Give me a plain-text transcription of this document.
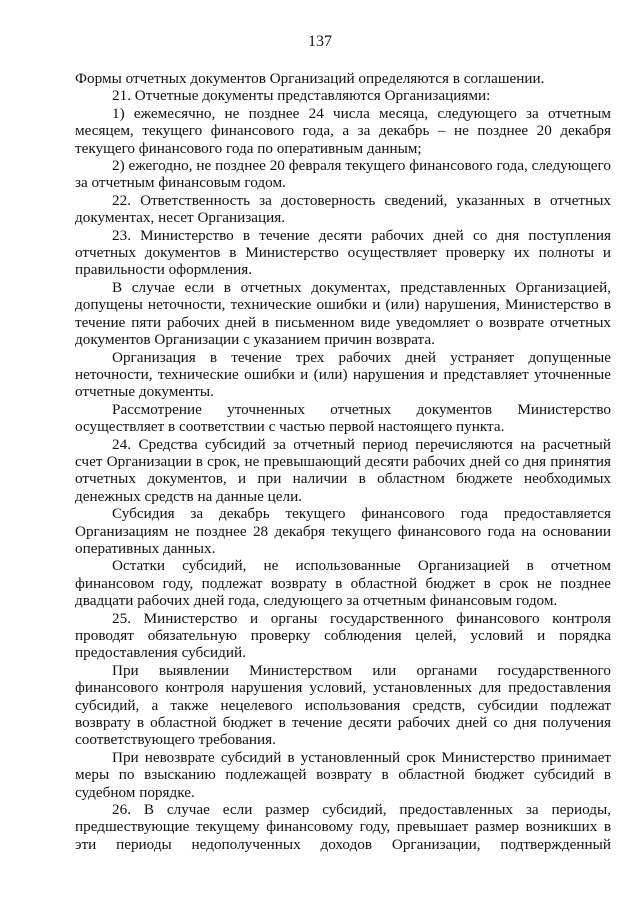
137

Формы отчетных документов Организаций определяются в соглашении.

21. Отчетные документы представляются Организациями:

1) ежемесячно, не позднее 24 числа месяца, следующего за отчетным месяцем, текущего финансового года, а за декабрь – не позднее 20 декабря текущего финансового года по оперативным данным;

2) ежегодно, не позднее 20 февраля текущего финансового года, следующего за отчетным финансовым годом.

22. Ответственность за достоверность сведений, указанных в отчетных документах, несет Организация.

23. Министерство в течение десяти рабочих дней со дня поступления отчетных документов в Министерство осуществляет проверку их полноты и правильности оформления.

В случае если в отчетных документах, представленных Организацией, допущены неточности, технические ошибки и (или) нарушения, Министерство в течение пяти рабочих дней в письменном виде уведомляет о возврате отчетных документов Организации с указанием причин возврата.

Организация в течение трех рабочих дней устраняет допущенные неточности, технические ошибки и (или) нарушения и представляет уточненные отчетные документы.

Рассмотрение уточненных отчетных документов Министерство осуществляет в соответствии с частью первой настоящего пункта.

24. Средства субсидий за отчетный период перечисляются на расчетный счет Организации в срок, не превышающий десяти рабочих дней со дня принятия отчетных документов, и при наличии в областном бюджете необходимых денежных средств на данные цели.

Субсидия за декабрь текущего финансового года предоставляется Организациям не позднее 28 декабря текущего финансового года на основании оперативных данных.

Остатки субсидий, не использованные Организацией в отчетном финансовом году, подлежат возврату в областной бюджет в срок не позднее двадцати рабочих дней года, следующего за отчетным финансовым годом.

25. Министерство и органы государственного финансового контроля проводят обязательную проверку соблюдения целей, условий и порядка предоставления субсидий.

При выявлении Министерством или органами государственного финансового контроля нарушения условий, установленных для предоставления субсидий, а также нецелевого использования средств, субсидии подлежат возврату в областной бюджет в течение десяти рабочих дней со дня получения соответствующего требования.

При невозврате субсидий в установленный срок Министерство принимает меры по взысканию подлежащей возврату в областной бюджет субсидий в судебном порядке.

26. В случае если размер субсидий, предоставленных за периоды, предшествующие текущему финансовому году, превышает размер возникших в эти периоды недополученных доходов Организации, подтвержденный
